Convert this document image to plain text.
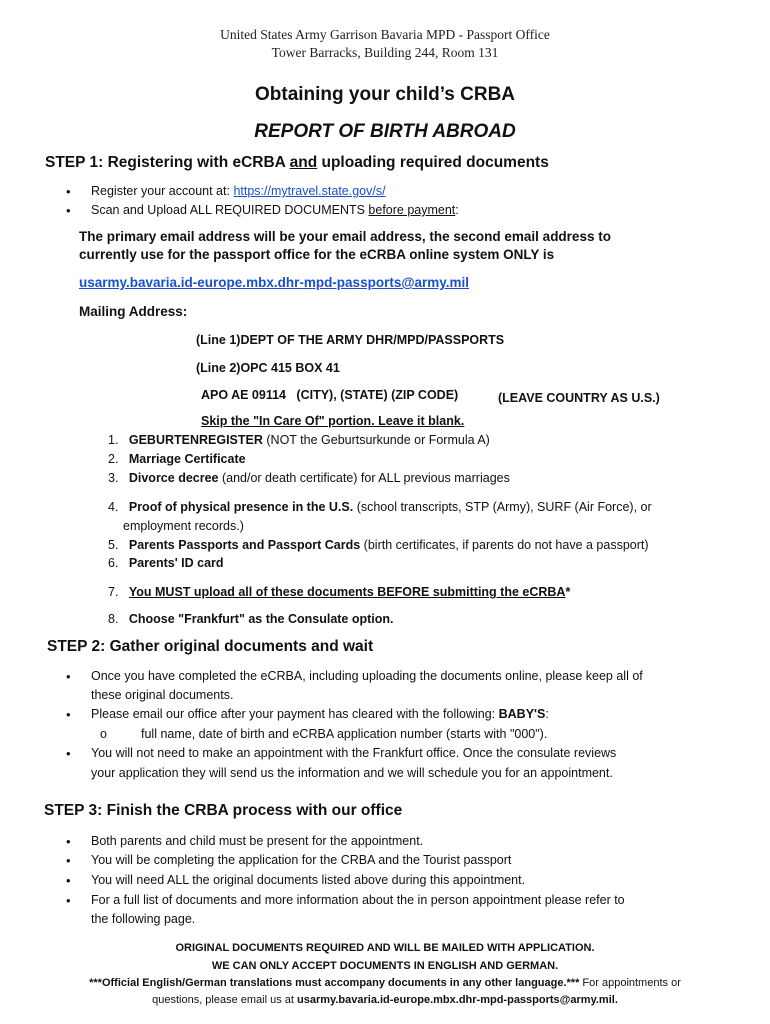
United States Army Garrison Bavaria MPD - Passport Office
Tower Barracks, Building 244, Room 131
Obtaining your child’s CRBA
REPORT OF BIRTH ABROAD
STEP 1: Registering with eCRBA and uploading required documents
• Register your account at: https://mytravel.state.gov/s/
• Scan and Upload ALL REQUIRED DOCUMENTS before payment:
The primary email address will be your email address, the second email address to
currently use for the passport office for the eCRBA online system ONLY is
usarmy.bavaria.id-europe.mbx.dhr-mpd-passports@army.mil
Mailing Address:
(Line 1)DEPT OF THE ARMY DHR/MPD/PASSPORTS
(Line 2)OPC 415 BOX 41
APO AE 09114   (CITY), (STATE) (ZIP CODE)	(LEAVE COUNTRY AS U.S.)
Skip the "In Care Of" portion. Leave it blank.
1. GEBURTENREGISTER (NOT the Geburtsurkunde or Formula A)
2. Marriage Certificate
3. Divorce decree (and/or death certificate) for ALL previous marriages
4. Proof of physical presence in the U.S. (school transcripts, STP (Army), SURF (Air Force), or
employment records.)
5. Parents Passports and Passport Cards (birth certificates, if parents do not have a passport)
6. Parents' ID card
7. You MUST upload all of these documents BEFORE submitting the eCRBA*
8. Choose "Frankfurt" as the Consulate option.
STEP 2: Gather original documents and wait
• Once you have completed the eCRBA, including uploading the documents online, please keep all of
these original documents.
• Please email our office after your payment has cleared with the following: BABY'S:
o	full name, date of birth and eCRBA application number (starts with "000").
• You will not need to make an appointment with the Frankfurt office. Once the consulate reviews
your application they will send us the information and we will schedule you for an appointment.
STEP 3: Finish the CRBA process with our office
• Both parents and child must be present for the appointment.
• You will be completing the application for the CRBA and the Tourist passport
• You will need ALL the original documents listed above during this appointment.
• For a full list of documents and more information about the in person appointment please refer to
the following page.
ORIGINAL DOCUMENTS REQUIRED AND WILL BE MAILED WITH APPLICATION.
WE CAN ONLY ACCEPT DOCUMENTS IN ENGLISH AND GERMAN.
***Official English/German translations must accompany documents in any other language.*** For appointments or
questions, please email us at usarmy.bavaria.id-europe.mbx.dhr-mpd-passports@army.mil.
